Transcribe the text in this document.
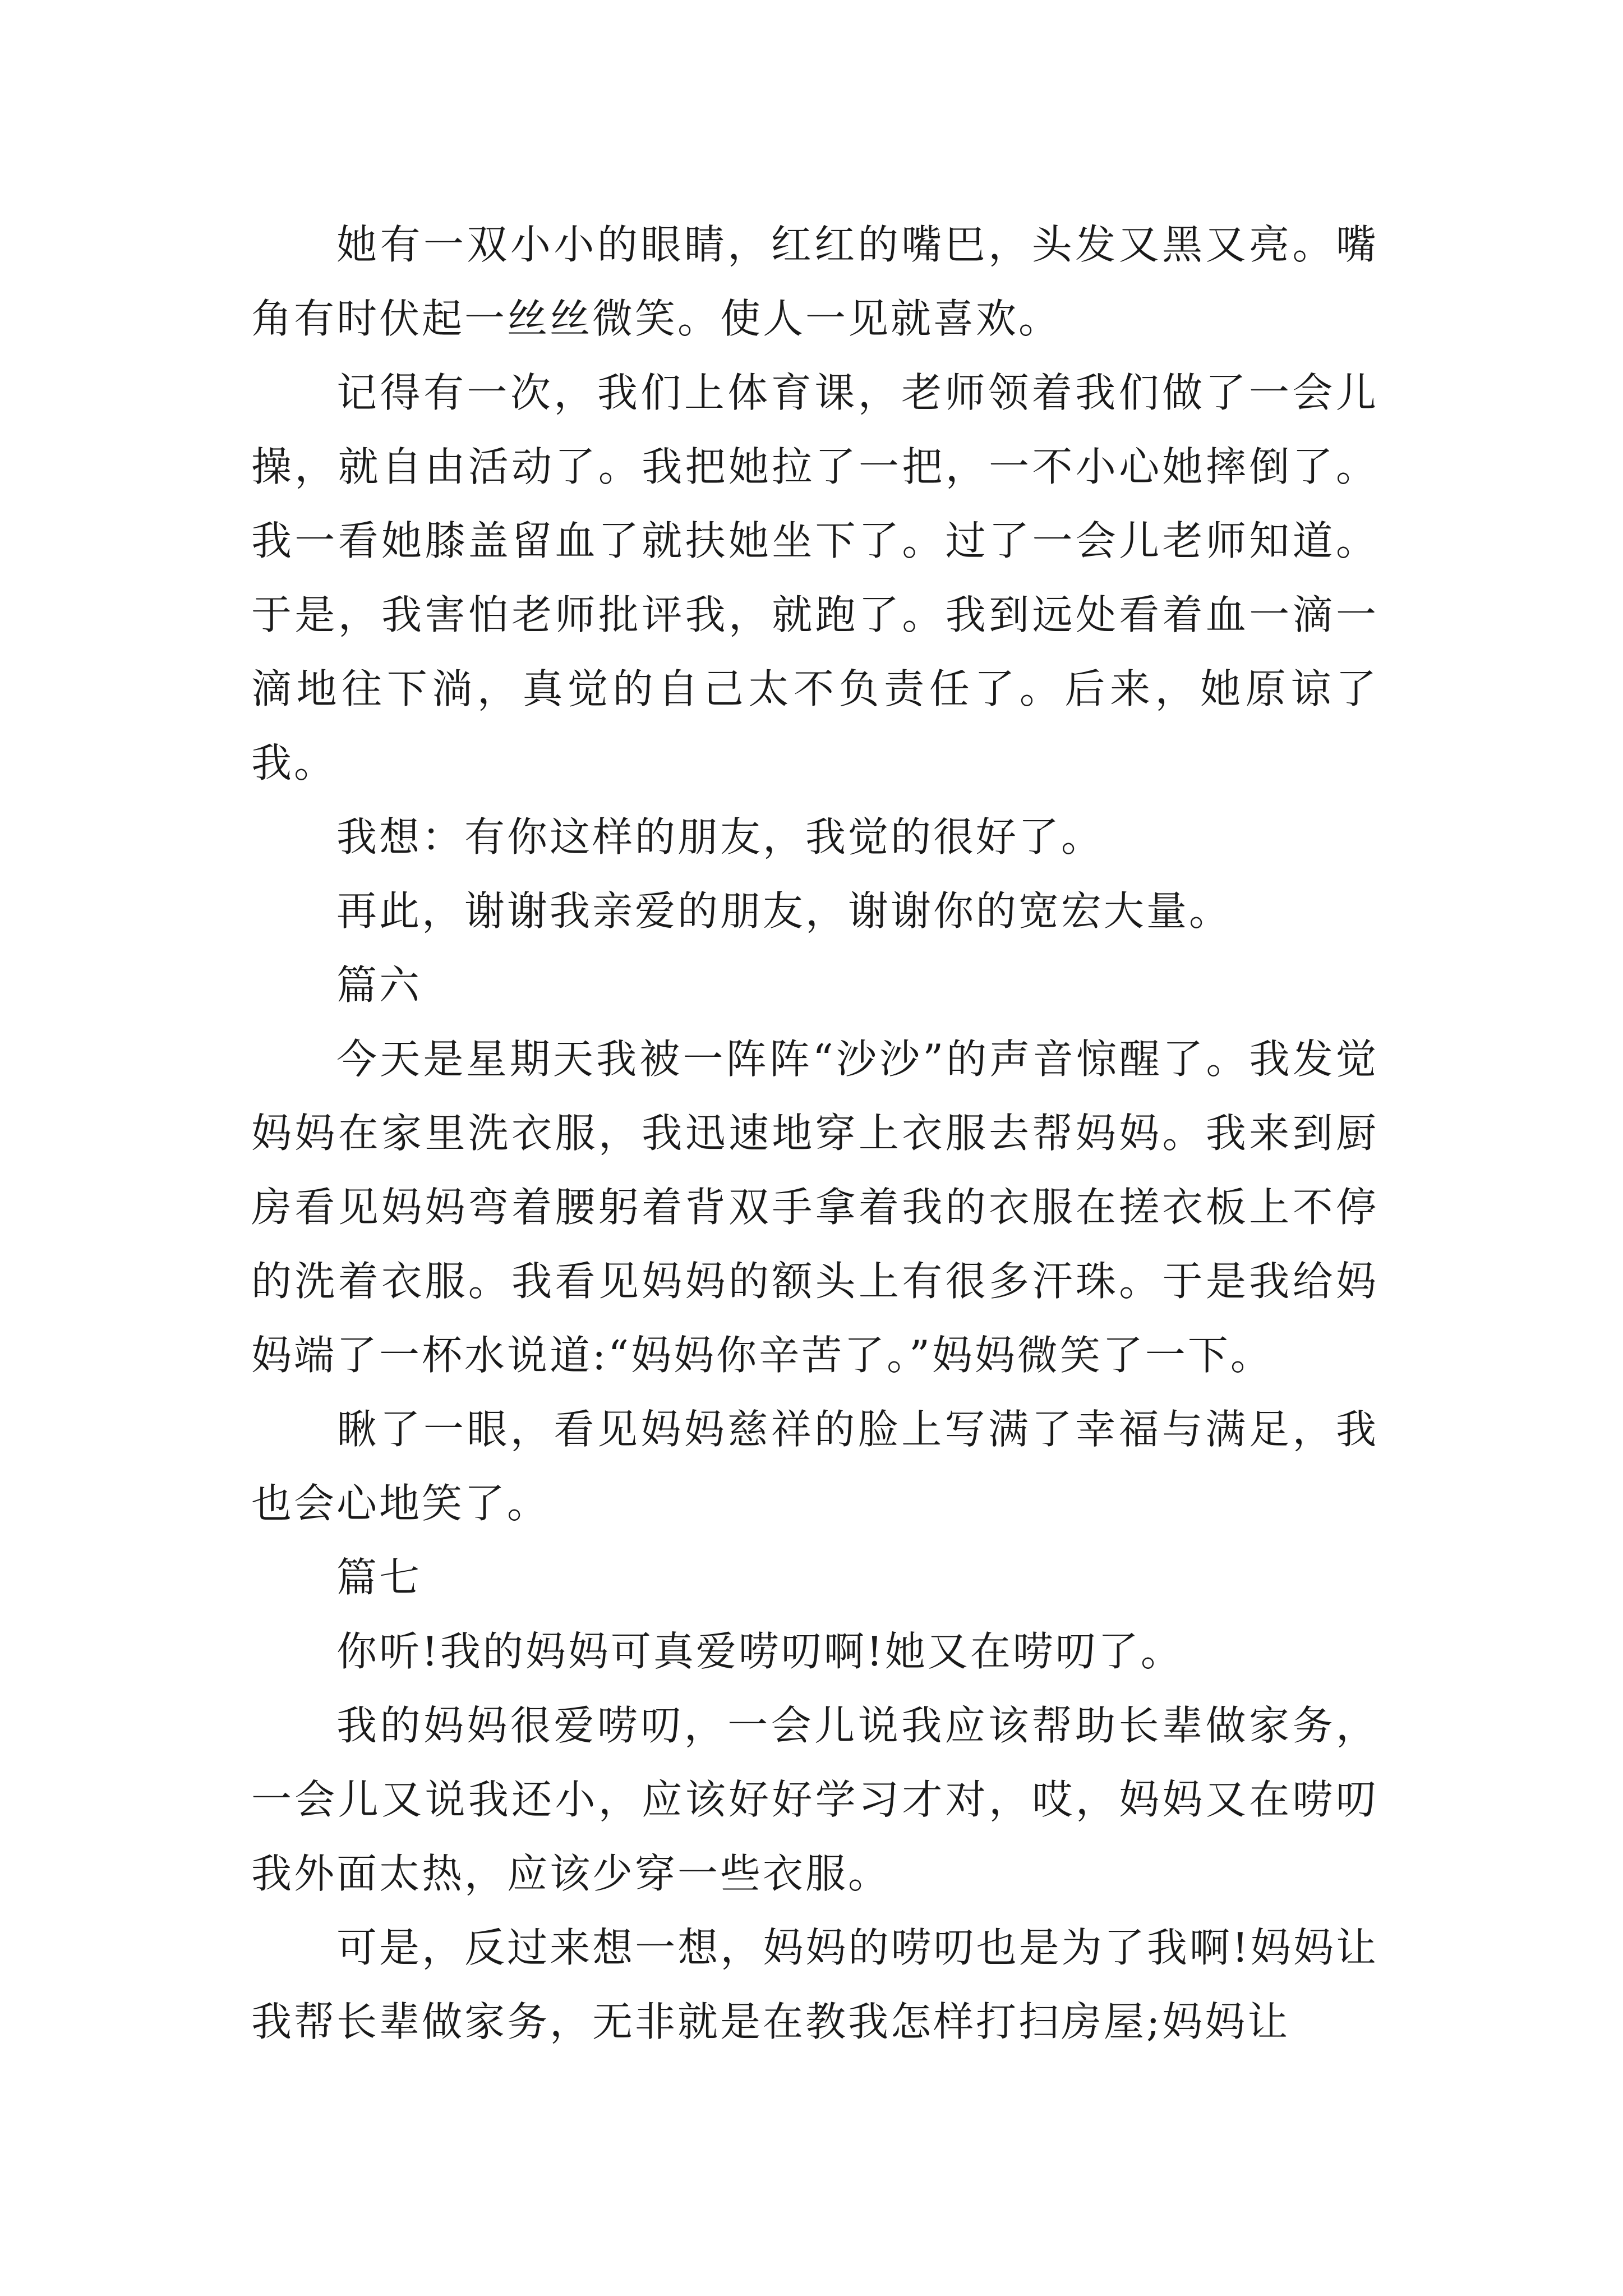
她有一双小小的眼睛，红红的嘴巴，头发又黑又亮。嘴角有时伏起一丝丝微笑。使人一见就喜欢。

记得有一次，我们上体育课，老师领着我们做了一会儿操，就自由活动了。我把她拉了一把，一不小心她摔倒了。我一看她膝盖留血了就扶她坐下了。过了一会儿老师知道。于是，我害怕老师批评我，就跑了。我到远处看着血一滴一滴地往下淌，真觉的自己太不负责任了。后来，她原谅了我。

我想：有你这样的朋友，我觉的很好了。

再此，谢谢我亲爱的朋友，谢谢你的宽宏大量。

篇六

今天是星期天我被一阵阵“沙沙”的声音惊醒了。我发觉妈妈在家里洗衣服，我迅速地穿上衣服去帮妈妈。我来到厨房看见妈妈弯着腰躬着背双手拿着我的衣服在搓衣板上不停的洗着衣服。我看见妈妈的额头上有很多汗珠。于是我给妈妈端了一杯水说道:“妈妈你辛苦了。”妈妈微笑了一下。

瞅了一眼，看见妈妈慈祥的脸上写满了幸福与满足，我也会心地笑了。

篇七

你听!我的妈妈可真爱唠叨啊!她又在唠叨了。

我的妈妈很爱唠叨，一会儿说我应该帮助长辈做家务，一会儿又说我还小，应该好好学习才对，哎，妈妈又在唠叨我外面太热，应该少穿一些衣服。

可是，反过来想一想，妈妈的唠叨也是为了我啊!妈妈让我帮长辈做家务，无非就是在教我怎样打扫房屋;妈妈让
